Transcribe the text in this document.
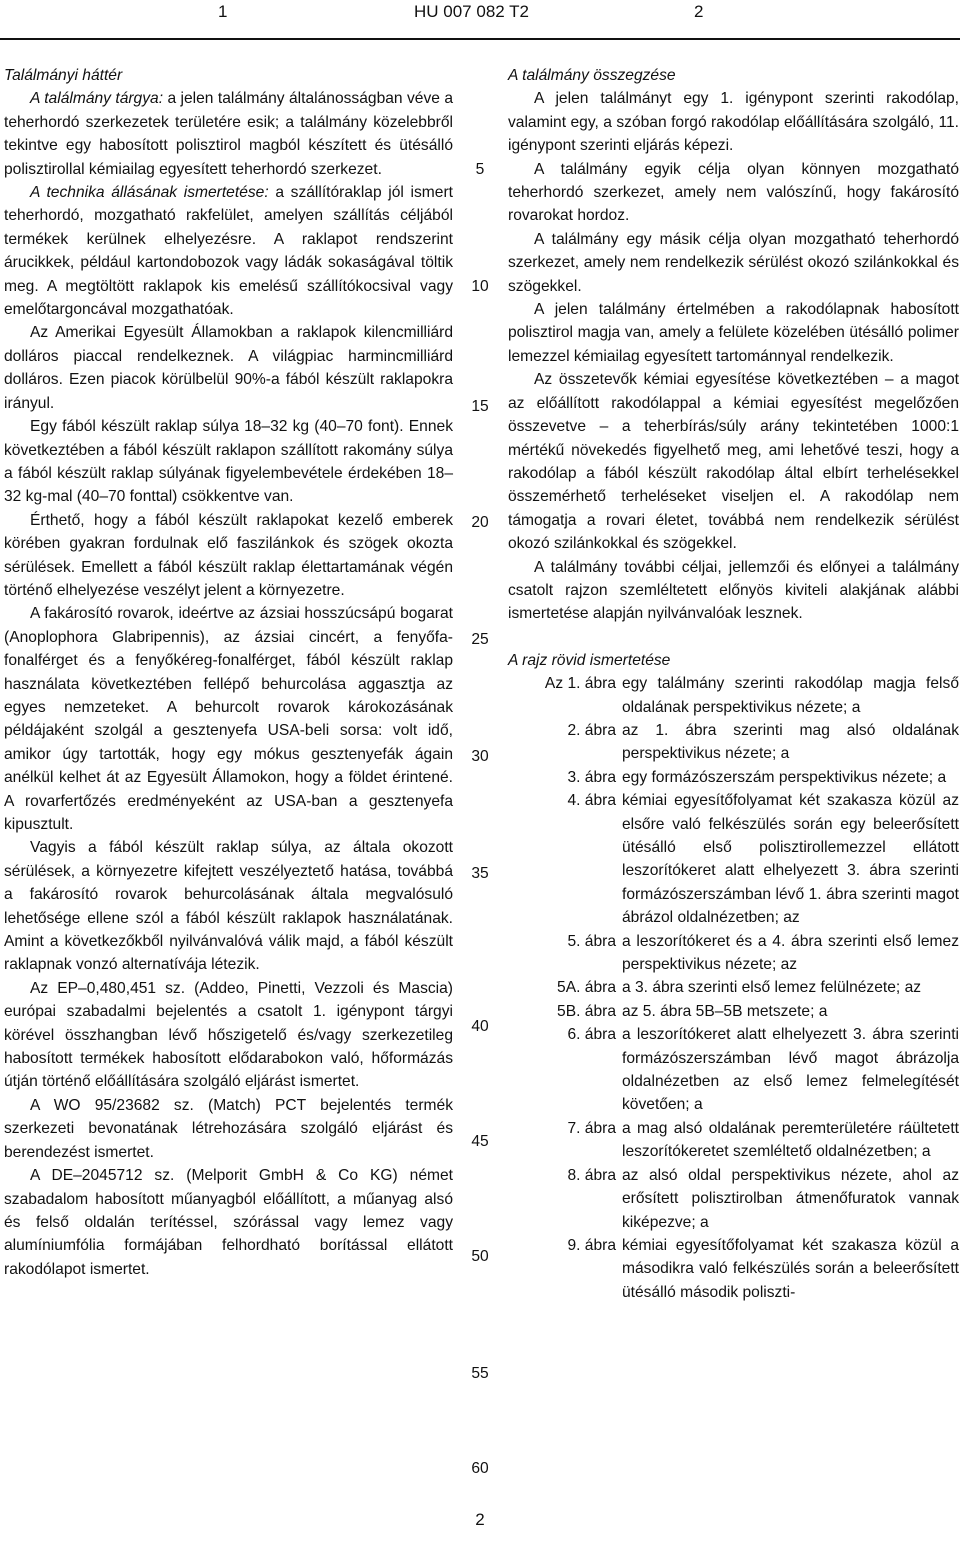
1	HU 007 082 T2	2

Találmányi háttér

A találmány tárgya: a jelen találmány általánosságban véve a teherhordó szerkezetek területére esik; a találmány közelebbről tekintve egy habosított polisztirol magból készített és ütésálló polisztirollal kémiailag egyesített teherhordó szerkezet.

A technika állásának ismertetése: a szállítóraklap jól ismert teherhordó, mozgatható rakfelület, amelyen szállítás céljából termékek kerülnek elhelyezésre. A raklapot rendszerint árucikkek, például kartondobozok vagy ládák sokaságával töltik meg. A megtöltött raklapok kis emelésű szállítókocsival vagy emelőtargoncával mozgathatóak.

Az Amerikai Egyesült Államokban a raklapok kilencmilliárd dolláros piaccal rendelkeznek. A világpiac harmincmilliárd dolláros. Ezen piacok körülbelül 90%-a fából készült raklapokra irányul.

Egy fából készült raklap súlya 18–32 kg (40–70 font). Ennek következtében a fából készült raklapon szállított rakomány súlya a fából készült raklap súlyának figyelembevétele érdekében 18–32 kg-mal (40–70 fonttal) csökkentve van.

Érthető, hogy a fából készült raklapokat kezelő emberek körében gyakran fordulnak elő faszilánkok és szögek okozta sérülések. Emellett a fából készült raklap élettartamának végén történő elhelyezése veszélyt jelent a környezetre.

A fakárosító rovarok, ideértve az ázsiai hosszúcsápú bogarat (Anoplophora Glabripennis), az ázsiai cincért, a fenyőfa-fonalférget és a fenyőkéreg-fonalférget, fából készült raklap használata következtében fellépő behurcolása aggasztja az egyes nemzeteket. A behurcolt rovarok károkozásának példájaként szolgál a gesztenyefa USA-beli sorsa: volt idő, amikor úgy tartották, hogy egy mókus gesztenyefák ágain anélkül kelhet át az Egyesült Államokon, hogy a földet érintené. A rovarfertőzés eredményeként az USA-ban a gesztenyefa kipusztult.

Vagyis a fából készült raklap súlya, az általa okozott sérülések, a környezetre kifejtett veszélyeztető hatása, továbbá a fakárosító rovarok behurcolásának általa megvalósuló lehetősége ellene szól a fából készült raklapok használatának. Amint a következőkből nyilvánvalóvá válik majd, a fából készült raklapnak vonzó alternatívája létezik.

Az EP–0,480,451 sz. (Addeo, Pinetti, Vezzoli és Mascia) európai szabadalmi bejelentés a csatolt 1. igénypont tárgyi körével összhangban lévő hőszigetelő és/vagy szerkezetileg habosított termékek habosított elődarabokon való, hőformázás útján történő előállítására szolgáló eljárást ismertet.

A WO 95/23682 sz. (Match) PCT bejelentés termék szerkezeti bevonatának létrehozására szolgáló eljárást és berendezést ismertet.

A DE–2045712 sz. (Melporit GmbH & Co KG) német szabadalom habosított műanyagból előállított, a műanyag alsó és felső oldalán terítéssel, szórással vagy lemez vagy alumíniumfólia formájában felhordható borítással ellátott rakodólapot ismertet.

5
10
15
20
25
30
35
40
45
50
55
60

A találmány összegzése

A jelen találmányt egy 1. igénypont szerinti rakodólap, valamint egy, a szóban forgó rakodólap előállítására szolgáló, 11. igénypont szerinti eljárás képezi.

A találmány egyik célja olyan könnyen mozgatható teherhordó szerkezet, amely nem valószínű, hogy fakárosító rovarokat hordoz.

A találmány egy másik célja olyan mozgatható teherhordó szerkezet, amely nem rendelkezik sérülést okozó szilánkokkal és szögekkel.

A jelen találmány értelmében a rakodólapnak habosított polisztirol magja van, amely a felülete közelében ütésálló polimer lemezzel kémiailag egyesített tartománnyal rendelkezik.

Az összetevők kémiai egyesítése következtében – a magot az előállított rakodólappal a kémiai egyesítést megelőzően összevetve – a teherbírás/súly arány tekintetében 1000:1 mértékű növekedés figyelhető meg, ami lehetővé teszi, hogy a rakodólap a fából készült rakodólap által elbírt terhelésekkel összemérhető terheléseket viseljen el. A rakodólap nem támogatja a rovari életet, továbbá nem rendelkezik sérülést okozó szilánkokkal és szögekkel.

A találmány további céljai, jellemzői és előnyei a találmány csatolt rajzon szemléltetett előnyös kiviteli alakjának alábbi ismertetése alapján nyilvánvalóak lesznek.

A rajz rövid ismertetése

Az 1. ábra egy találmány szerinti rakodólap magja felső oldalának perspektivikus nézete; a
2. ábra az 1. ábra szerinti mag alsó oldalának perspektivikus nézete; a
3. ábra egy formázószerszám perspektivikus nézete; a
4. ábra kémiai egyesítőfolyamat két szakasza közül az elsőre való felkészülés során egy beleerősített ütésálló első polisztirollemezzel ellátott leszorítókeret alatt elhelyezett 3. ábra szerinti formázószerszámban lévő 1. ábra szerinti magot ábrázol oldalnézetben; az
5. ábra a leszorítókeret és a 4. ábra szerinti első lemez perspektivikus nézete; az
5A. ábra a 3. ábra szerinti első lemez felülnézete; az
5B. ábra az 5. ábra 5B–5B metszete; a
6. ábra a leszorítókeret alatt elhelyezett 3. ábra szerinti formázószerszámban lévő magot ábrázolja oldalnézetben az első lemez felmelegítését követően; a
7. ábra a mag alsó oldalának peremterületére ráültetett leszorítókeretet szemléltető oldalnézetben; a
8. ábra az alsó oldal perspektivikus nézete, ahol az erősített polisztirolban átmenőfuratok vannak kiképezve; a
9. ábra kémiai egyesítőfolyamat két szakasza közül a másodikra való felkészülés során a beleerősített ütésálló második poliszti-
2
